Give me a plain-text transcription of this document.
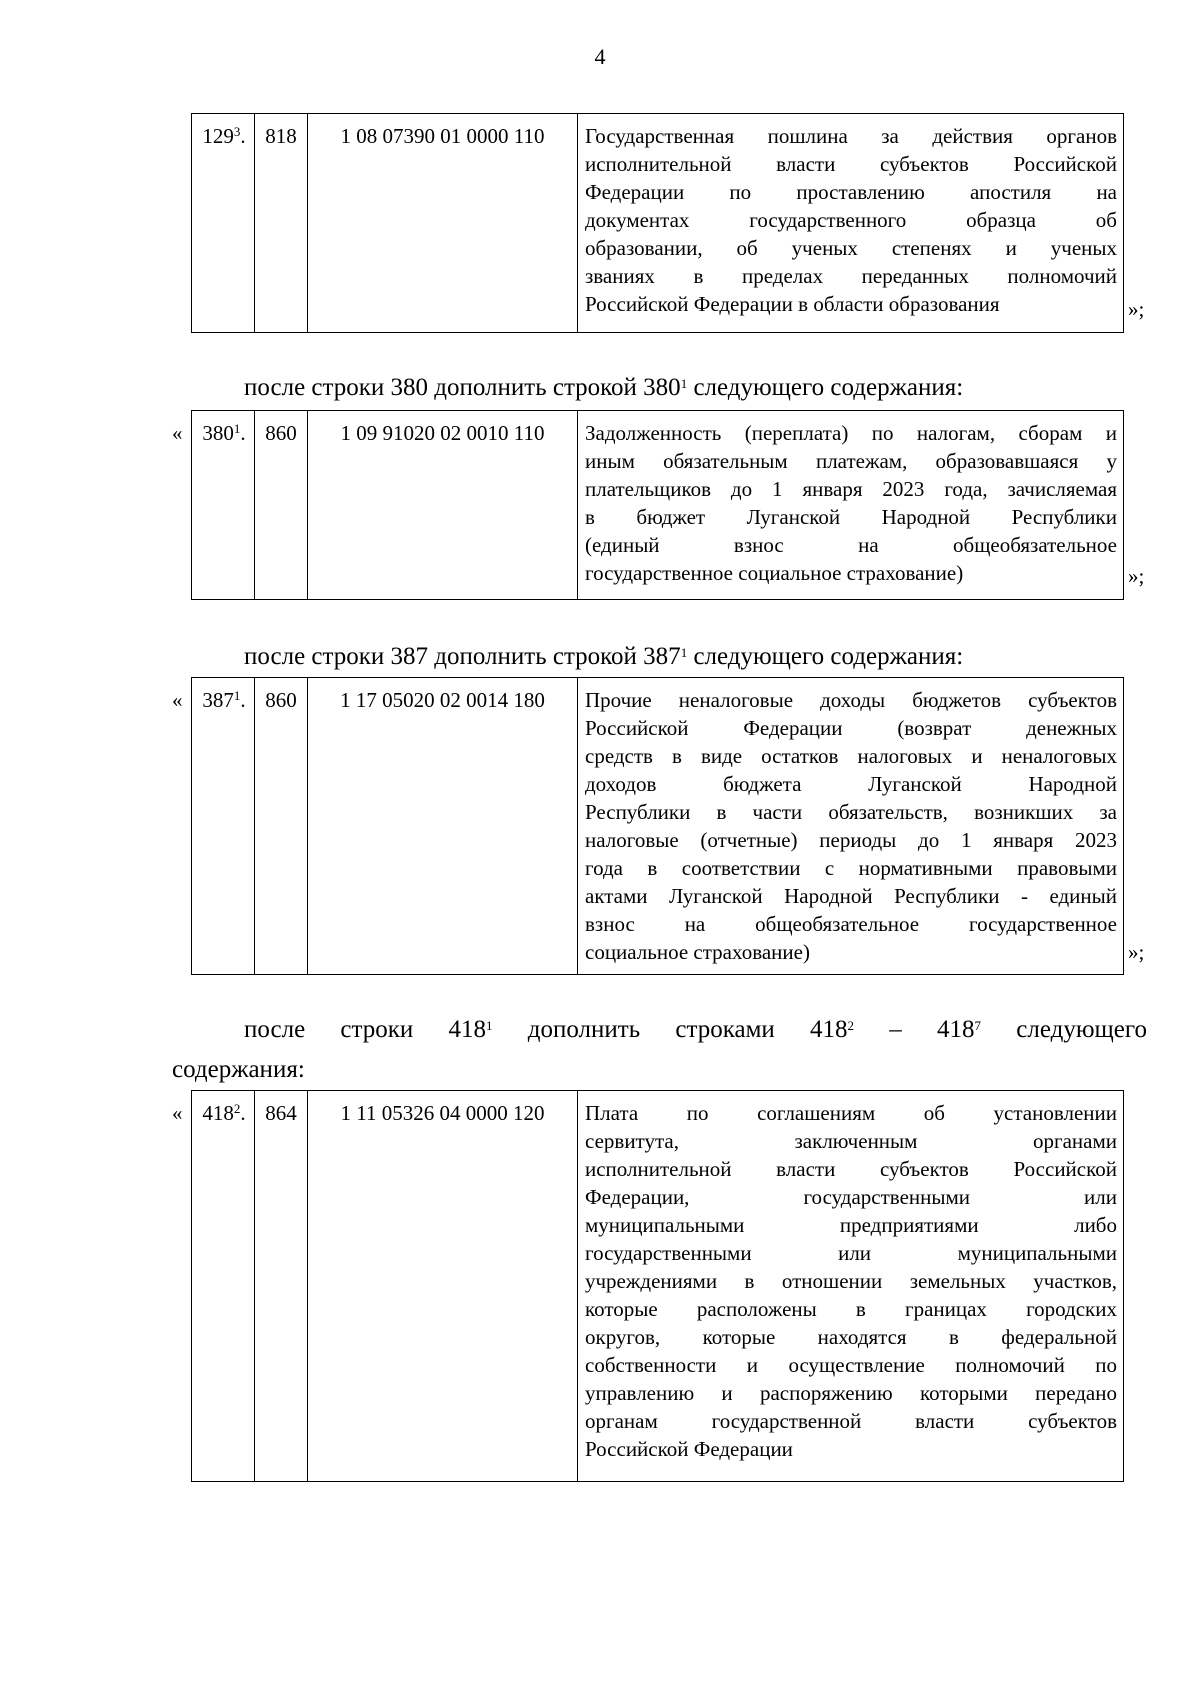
4
$129^3$. 818	1 08 07390 01 0000 110	Государственная пошлина за действия органов
исполнительной власти субъектов Российской
Федерации по проставлению апостиля на
документах государственного образца об
образовании, об ученых степенях и ученых
званиях в пределах переданных полномочий
Российской Федерации в области образования	»;
после строки 380 дополнить строкой $380^1$ следующего содержания:
« $380^1$. 860	1 09 91020 02 0010 110	Задолженность (переплата) по налогам, сборам и
иным обязательным платежам, образовавшаяся у
плательщиков до 1 января 2023 года, зачисляемая
в бюджет Луганской Народной Республики
(единый взнос на общеобязательное
государственное социальное страхование)	»;
после строки 387 дополнить строкой $387^1$ следующего содержания:
« $387^1$. 860	1 17 05020 02 0014 180	Прочие неналоговые доходы бюджетов субъектов
Российской Федерации (возврат денежных
средств в виде остатков налоговых и неналоговых
доходов бюджета Луганской Народной
Республики в части обязательств, возникших за
налоговые (отчетные) периоды до 1 января 2023
года в соответствии с нормативными правовыми
актами Луганской Народной Республики - единый
взнос на общеобязательное государственное
социальное страхование)	»;
после строки $418^1$ дополнить строками $418^2 - 418^7$ следующего
содержания:
« $418^2$. 864	1 11 05326 04 0000 120	Плата по соглашениям об установлении
сервитута, заключенным органами
исполнительной власти субъектов Российской
Федерации, государственными или
муниципальными предприятиями либо
государственными или муниципальными
учреждениями в отношении земельных участков,
которые расположены в границах городских
округов, которые находятся в федеральной
собственности и осуществление полномочий по
управлению и распоряжению которыми передано
органам государственной власти субъектов
Российской Федерации
